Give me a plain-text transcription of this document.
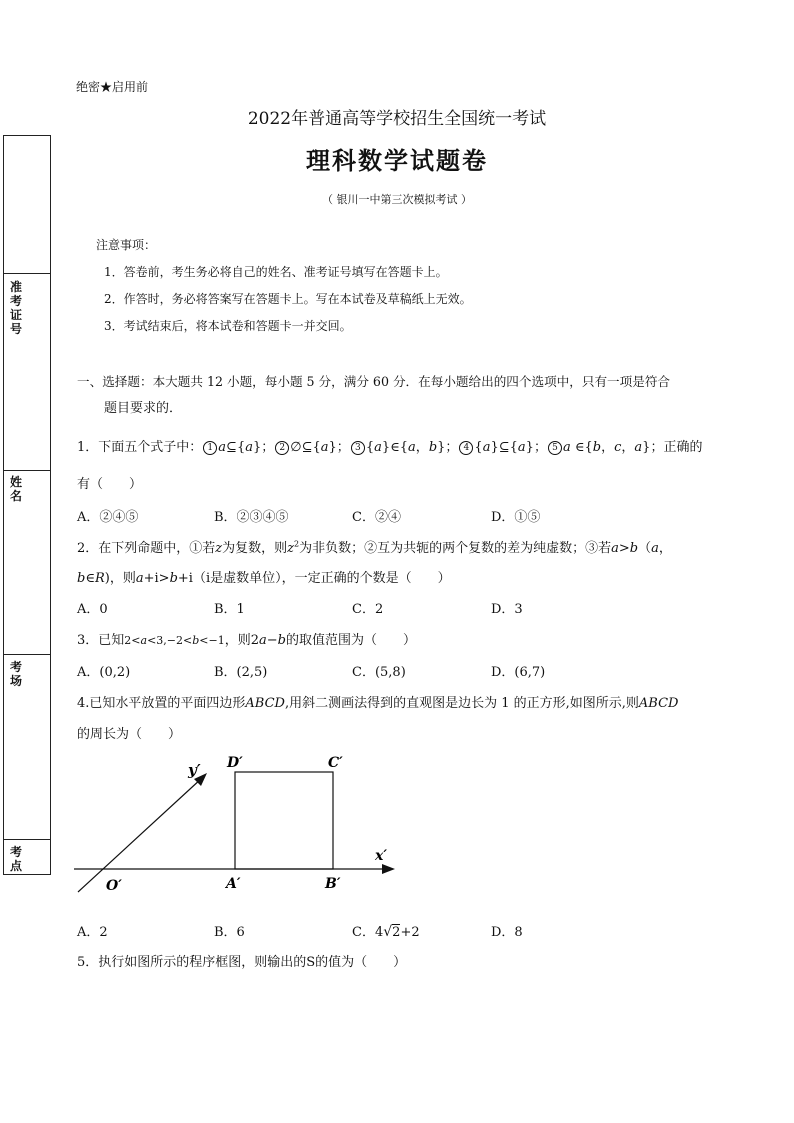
绝密★启用前
2022年普通高等学校招生全国统一考试
理科数学试题卷
（ 银川一中第三次模拟考试 ）
准考证号
姓名
考场
考点
注意事项：
1．答卷前，考生务必将自己的姓名、准考证号填写在答题卡上。
2．作答时，务必将答案写在答题卡上。写在本试卷及草稿纸上无效。
3．考试结束后，将本试卷和答题卡一并交回。
一、选择题：本大题共 12 小题，每小题 5 分，满分 60 分．在每小题给出的四个选项中，只有一项是符合
题目要求的．
1．下面五个式子中： 1 a⊆{a}； 2 ∅⊆{a}； 3 {a}∈{a，b}； 4 {a}⊆{a}； 5 a ∈{b，c，a}；正确的
有（　　）
A．②④⑤	B．②③④⑤	C．②④	D．①⑤
2．在下列命题中，①若z为复数，则$z^2$为非负数；②互为共轭的两个复数的差为纯虚数；③若a>b（a，
b∈R)，则a+i>b+i（i是虚数单位），一定正确的个数是（　　）
A．0	B．1	C．2	D．3
3．已知2<a<3,−2<b<−1，则2a−b的取值范围为（　　）
A．(0,2)	B．(2,5)	C．(5,8)	D．(6,7)
4.已知水平放置的平面四边形ABCD,用斜二测画法得到的直观图是边长为 1 的正方形,如图所示,则ABCD
的周长为（　　）
y′
x′
O′	A′	B′
C′
D′
A．2	B．6	C．4√2+2	D．8
5．执行如图所示的程序框图，则输出的S的值为（　　）
